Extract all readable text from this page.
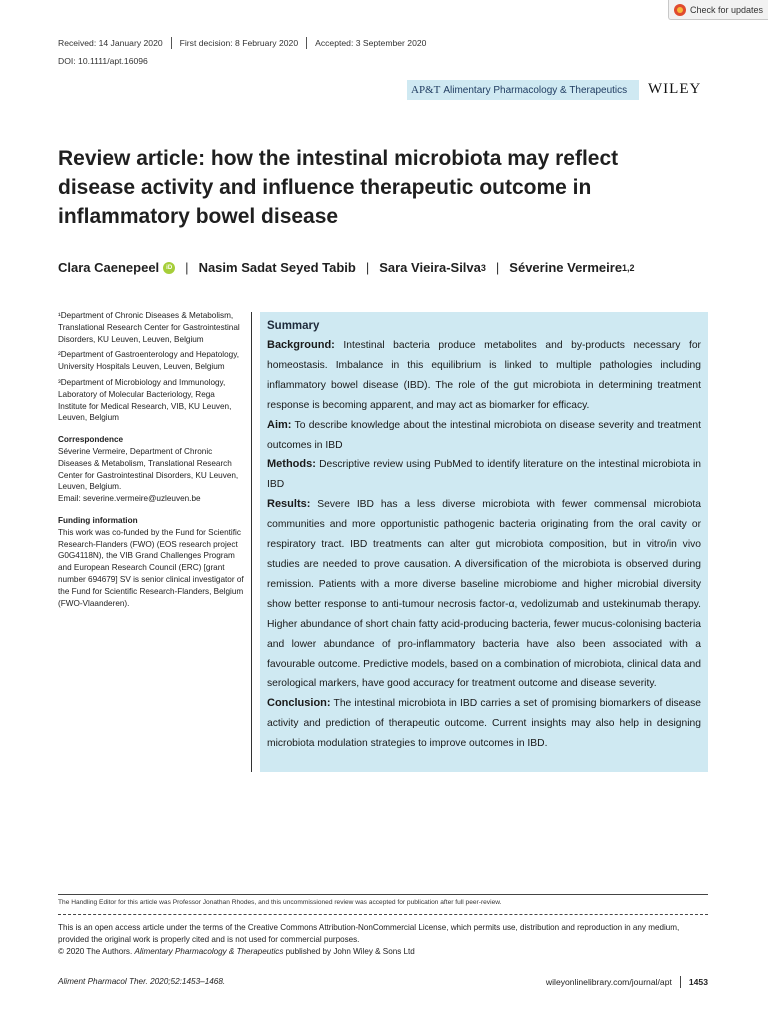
Check for updates
Received: 14 January 2020	First decision: 8 February 2020	Accepted: 3 September 2020
DOI: 10.1111/apt.16096
AP&T Alimentary Pharmacology & Therapeutics WILEY
Review article: how the intestinal microbiota may reflect disease activity and influence therapeutic outcome in inflammatory bowel disease
Clara Caenepeel	iD | Nasim Sadat Seyed Tabib | Sara Vieira-Silva 3 | Séverine Vermeire 1,2

¹Department of Chronic Diseases & Metabolism, Translational Research Center for Gastrointestinal Disorders, KU Leuven, Leuven, Belgium

²Department of Gastroenterology and Hepatology, University Hospitals Leuven, Leuven, Belgium

³Department of Microbiology and Immunology, Laboratory of Molecular Bacteriology, Rega Institute for Medical Research, VIB, KU Leuven, Leuven, Belgium

Correspondence

Séverine Vermeire, Department of Chronic Diseases & Metabolism, Translational Research Center for Gastrointestinal Disorders, KU Leuven, Leuven, Belgium.

Email: severine.vermeire@uzleuven.be

Funding information

This work was co-funded by the Fund for Scientific Research-Flanders (FWO) (EOS research project G0G4118N), the VIB Grand Challenges Program and European Research Council (ERC) [grant number 694679] SV is senior clinical investigator of the Fund for Scientific Research-Flanders, Belgium (FWO-Vlaanderen).

Summary

Background: Intestinal bacteria produce metabolites and by-products necessary for homeostasis. Imbalance in this equilibrium is linked to multiple pathologies including inflammatory bowel disease (IBD). The role of the gut microbiota in determining treatment response is becoming apparent, and may act as biomarker for efficacy.

Aim: To describe knowledge about the intestinal microbiota on disease severity and treatment outcomes in IBD

Methods: Descriptive review using PubMed to identify literature on the intestinal microbiota in IBD

Results: Severe IBD has a less diverse microbiota with fewer commensal microbiota communities and more opportunistic pathogenic bacteria originating from the oral cavity or respiratory tract. IBD treatments can alter gut microbiota composition, but in vitro/in vivo studies are needed to prove causation. A diversification of the microbiota is observed during remission. Patients with a more diverse baseline microbiome and higher microbial diversity show better response to anti-tumour necrosis factor-α, vedolizumab and ustekinumab therapy. Higher abundance of short chain fatty acid-producing bacteria, fewer mucus-colonising bacteria and lower abundance of pro-inflammatory bacteria have also been associated with a favourable outcome. Predictive models, based on a combination of microbiota, clinical data and serological markers, have good accuracy for treatment outcome and disease severity.

Conclusion: The intestinal microbiota in IBD carries a set of promising biomarkers of disease activity and prediction of therapeutic outcome. Current insights may also help in designing microbiota modulation strategies to improve outcomes in IBD.

The Handling Editor for this article was Professor Jonathan Rhodes, and this uncommissioned review was accepted for publication after full peer-review.
This is an open access article under the terms of the Creative Commons Attribution-NonCommercial License, which permits use, distribution and reproduction in any medium, provided the original work is properly cited and is not used for commercial purposes.
© 2020 The Authors. Alimentary Pharmacology & Therapeutics published by John Wiley & Sons Ltd
Aliment Pharmacol Ther. 2020;52:1453–1468.	wileyonlinelibrary.com/journal/apt	1453
